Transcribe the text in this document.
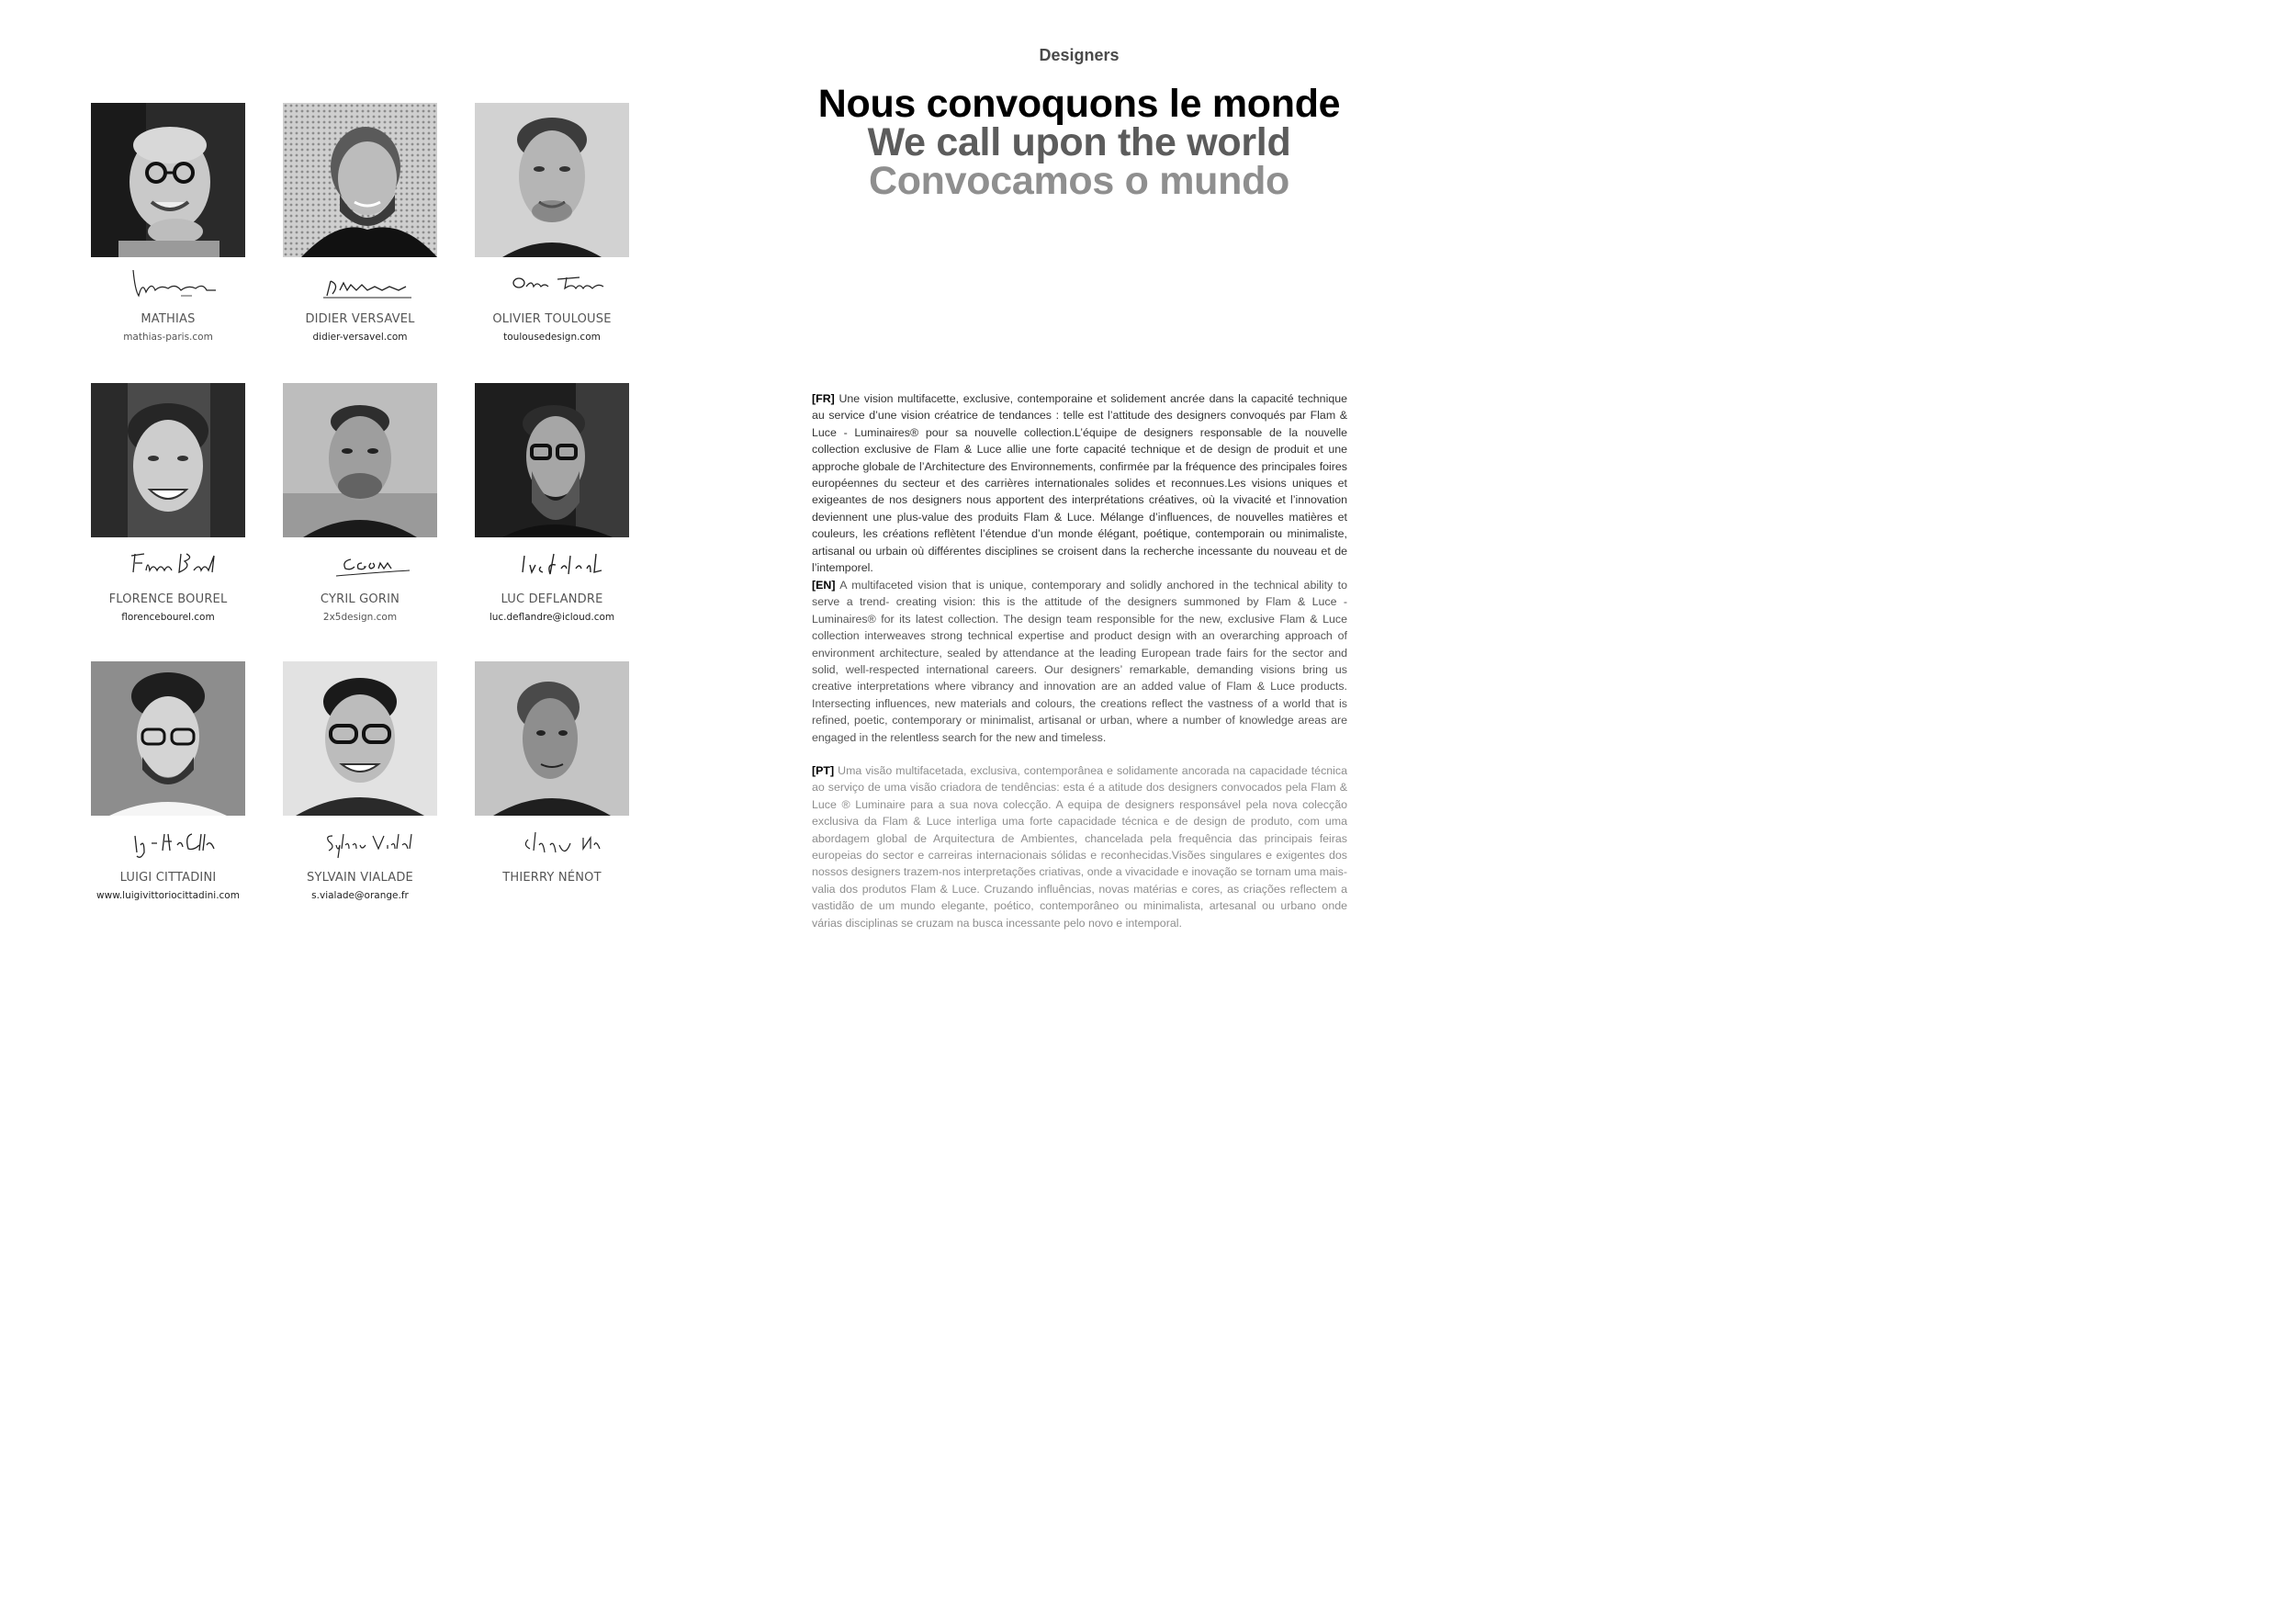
MATHIAS
mathias-paris.com
DIDIER VERSAVEL
didier-versavel.com
OLIVIER TOULOUSE
toulousedesign.com
FLORENCE BOUREL
florencebourel.com
CYRIL GORIN
2x5design.com
LUC DEFLANDRE
luc.deflandre@icloud.com
LUIGI CITTADINI
www.luigivittoriocittadini.com
SYLVAIN VIALADE
s.vialade@orange.fr
THIERRY NÉNOT
Designers
Nous convoquons le monde
We call upon the world
Convocamos o mundo

[FR] Une vision multifacette, exclusive, contemporaine et solidement ancrée dans la capacité technique au service d’une vision créatrice de tendances : telle est l’attitude des designers convoqués par Flam & Luce - Luminaires® pour sa nouvelle collection.L’équipe de designers responsable de la nouvelle collection exclusive de Flam & Luce allie une forte capacité technique et de design de produit et une approche globale de l’Architecture des Environnements, confirmée par la fréquence des principales foires européennes du secteur et des carrières internationales solides et reconnues.Les visions uniques et exigeantes de nos designers nous apportent des interprétations créatives, où la vivacité et l’innovation deviennent une plus-value des produits Flam & Luce. Mélange d’influences, de nouvelles matières et couleurs, les créations reflètent l’étendue d’un monde élégant, poétique, contemporain ou minimaliste, artisanal ou urbain où différentes disciplines se croisent dans la recherche incessante du nouveau et de l’intemporel.

[EN] A multifaceted vision that is unique, contemporary and solidly anchored in the technical ability to serve a trend- creating vision: this is the attitude of the designers summoned by Flam & Luce - Luminaires® for its latest collection. The design team responsible for the new, exclusive Flam & Luce collection interweaves strong technical expertise and product design with an overarching approach of environment architecture, sealed by attendance at the leading European trade fairs for the sector and solid, well-respected international careers. Our designers’ remarkable, demanding visions bring us creative interpretations where vibrancy and innovation are an added value of Flam & Luce products. Intersecting influences, new materials and colours, the creations reflect the vastness of a world that is refined, poetic, contemporary or minimalist, artisanal or urban, where a number of knowledge areas are engaged in the relentless search for the new and timeless.

[PT] Uma visão multifacetada, exclusiva, contemporânea e solidamente ancorada na capacidade técnica ao serviço de uma visão criadora de tendências: esta é a atitude dos designers convocados pela Flam & Luce ® Luminaire para a sua nova colecção. A equipa de designers responsável pela nova colecção exclusiva da Flam & Luce interliga uma forte capacidade técnica e de design de produto, com uma abordagem global de Arquitectura de Ambientes, chancelada pela frequência das principais feiras europeias do sector e carreiras internacionais sólidas e reconhecidas.Visões singulares e exigentes dos nossos designers trazem-nos interpretações criativas, onde a vivacidade e inovação se tornam uma mais-valia dos produtos Flam & Luce. Cruzando influências, novas matérias e cores, as criações reflectem a vastidão de um mundo elegante, poético, contemporâneo ou minimalista, artesanal ou urbano onde várias disciplinas se cruzam na busca incessante pelo novo e intemporal.
